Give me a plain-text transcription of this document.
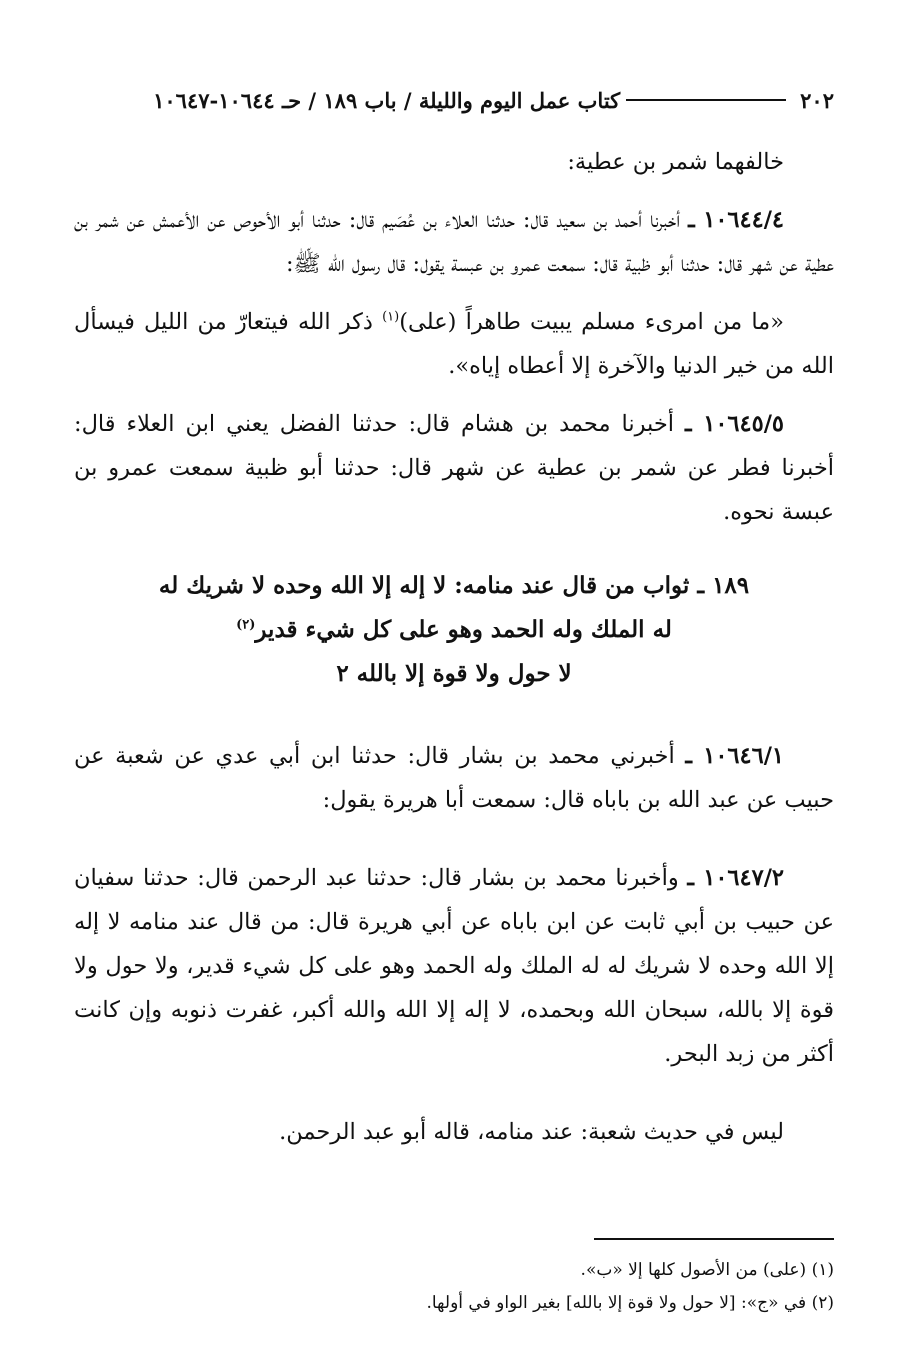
٢٠٢
كتاب عمل اليوم والليلة / باب ١٨٩ / حـ ١٠٦٤٤-١٠٦٤٧

خالفهما شمر بن عطية:

١٠٦٤٤/٤ ـ أخبرنا أحمد بن سعيد قال: حدثنا العلاء بن عُصَيم قال: حدثنا أبو الأحوص عن الأعمش عن شمر بن عطية عن شهر قال: حدثنا أبو ظبية قال: سمعت عمرو بن عبسة يقول: قال رسول الله ﷺ:

«ما من امرىء مسلم يبيت طاهراً (على)$^{(١)}$ ذكر الله فيتعارّ من الليل فيسأل الله من خير الدنيا والآخرة إلا أعطاه إياه».

١٠٦٤٥/٥ ـ أخبرنا محمد بن هشام قال: حدثنا الفضل يعني ابن العلاء قال: أخبرنا فطر عن شمر بن عطية عن شهر قال: حدثنا أبو ظبية سمعت عمرو بن عبسة نحوه.

١٨٩ ـ ثواب من قال عند منامه: لا إله إلا الله وحده لا شريك له
له الملك وله الحمد وهو على كل شيء قدير$^{(٢)}$
لا حول ولا قوة إلا بالله ٢

١٠٦٤٦/١ ـ أخبرني محمد بن بشار قال: حدثنا ابن أبي عدي عن شعبة عن حبيب عن عبد الله بن باباه قال: سمعت أبا هريرة يقول:

١٠٦٤٧/٢ ـ وأخبرنا محمد بن بشار قال: حدثنا عبد الرحمن قال: حدثنا سفيان عن حبيب بن أبي ثابت عن ابن باباه عن أبي هريرة قال: من قال عند منامه لا إله إلا الله وحده لا شريك له له الملك وله الحمد وهو على كل شيء قدير، ولا حول ولا قوة إلا بالله، سبحان الله وبحمده، لا إله إلا الله والله أكبر، غفرت ذنوبه وإن كانت أكثر من زبد البحر.

ليس في حديث شعبة: عند منامه، قاله أبو عبد الرحمن.

(١) (على) من الأصول كلها إلا «ب».

(٢) في «ج»: [لا حول ولا قوة إلا بالله] بغير الواو في أولها.
